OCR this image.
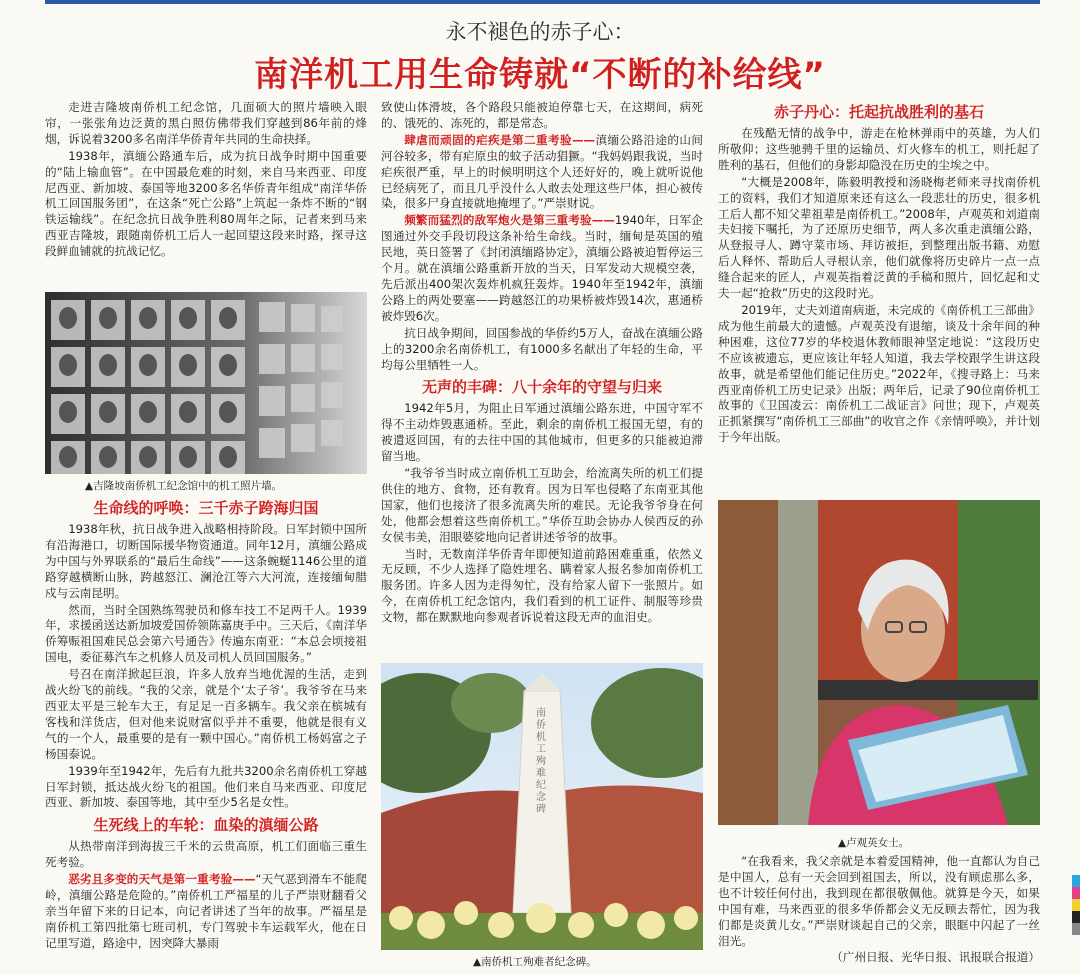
永不褪色的赤子心：
南洋机工用生命铸就“不断的补给线”

走进吉隆坡南侨机工纪念馆，几面硕大的照片墙映入眼帘，一张张角边泛黄的黑白照仿佛带我们穿越到86年前的烽烟，诉说着3200多名南洋华侨青年共同的生命抉择。

1938年，滇缅公路通车后，成为抗日战争时期中国重要的“陆上输血管”。在中国最危难的时刻，来自马来西亚、印度尼西亚、新加坡、泰国等地3200多名华侨青年组成“南洋华侨机工回国服务团”，在这条“死亡公路”上筑起一条炸不断的“钢铁运输线”。在纪念抗日战争胜利80周年之际，记者来到马来西亚吉隆坡，跟随南侨机工后人一起回望这段来时路，探寻这段鲜血铺就的抗战记忆。

▲吉隆坡南侨机工纪念馆中的机工照片墙。
生命线的呼唤：三千赤子跨海归国

1938年秋，抗日战争进入战略相持阶段。日军封锁中国所有沿海港口，切断国际援华物资通道。同年12月，滇缅公路成为中国与外界联系的“最后生命线”——这条蜿蜒1146公里的道路穿越横断山脉，跨越怒江、澜沧江等六大河流，连接缅甸腊戍与云南昆明。

然而，当时全国熟练驾驶员和修车技工不足两千人。1939年，求援函送达新加坡爱国侨领陈嘉庚手中。三天后，《南洋华侨筹赈祖国难民总会第六号通告》传遍东南亚：“本总会顷接祖国电，委征募汽车之机修人员及司机人员回国服务。”

号召在南洋掀起巨浪，许多人放弃当地优渥的生活，走到战火纷飞的前线。“我的父亲，就是个‘太子爷’。我爷爷在马来西亚太平是三轮车大王，有足足一百多辆车。我父亲在槟城有客栈和洋货店，但对他来说财富似乎并不重要，他就是很有义气的一个人，最重要的是有一颗中国心。”南侨机工杨妈富之子杨国泰说。

1939年至1942年，先后有九批共3200余名南侨机工穿越日军封锁，抵达战火纷飞的祖国。他们来自马来西亚、印度尼西亚、新加坡、泰国等地，其中至少5名是女性。

生死线上的车轮：血染的滇缅公路

从热带南洋到海拔三千米的云贵高原，机工们面临三重生死考验。

恶劣且多变的天气是第一重考验——“天气恶到滑车不能爬岭，滇缅公路是危险的。”南侨机工严福星的儿子严崇财翻看父亲当年留下来的日记本，向记者讲述了当年的故事。严福星是南侨机工第四批第七班司机，专门驾驶卡车运载军火，他在日记里写道，路途中，因突降大暴雨

致使山体滑坡，各个路段只能被迫停靠七天，在这期间，病死的、饿死的、冻死的，都是常态。

肆虐而顽固的疟疾是第二重考验——滇缅公路沿途的山间河谷较多，带有疟原虫的蚊子活动猖獗。“我妈妈跟我说，当时疟疾很严重，早上的时候明明这个人还好好的，晚上就听说他已经病死了，而且几乎没什么人敢去处理这些尸体，担心被传染，很多尸身直接就地掩埋了。”严崇财说。

频繁而猛烈的敌军炮火是第三重考验——1940年，日军企图通过外交手段切段这条补给生命线。当时，缅甸是英国的殖民地，英日签署了《封闭滇缅路协定》，滇缅公路被迫暂停运三个月。就在滇缅公路重新开放的当天，日军发动大规模空袭，先后派出400架次轰炸机疯狂轰炸。1940年至1942年，滇缅公路上的两处要塞——跨越怒江的功果桥被炸毁14次，惠通桥被炸毁6次。

抗日战争期间，回国参战的华侨约5万人，奋战在滇缅公路上的3200余名南侨机工，有1000多名献出了年轻的生命，平均每公里牺牲一人。

无声的丰碑：八十余年的守望与归来

1942年5月，为阻止日军通过滇缅公路东进，中国守军不得不主动炸毁惠通桥。至此，剩余的南侨机工报国无望，有的被遣返回国，有的去往中国的其他城市，但更多的只能被迫滞留当地。

“我爷爷当时成立南侨机工互助会，给流离失所的机工们提供住的地方、食物，还有教育。因为日军也侵略了东南亚其他国家，他们也接济了很多流离失所的难民。无论我爷爷身在何处，他都会想着这些南侨机工。”华侨互助会协办人侯西反的孙女侯韦美，泪眼婆娑地向记者讲述爷爷的故事。

当时，无数南洋华侨青年即便知道前路困难重重，依然义无反顾，不少人选择了隐姓埋名、瞒着家人报名参加南侨机工服务团。许多人因为走得匆忙，没有给家人留下一张照片。如今，在南侨机工纪念馆内，我们看到的机工证件、制服等珍贵文物，都在默默地向参观者诉说着这段无声的血泪史。

南侨机工殉难纪念碑
▲南侨机工殉难者纪念碑。
赤子丹心：托起抗战胜利的基石

在残酷无情的战争中，游走在枪林弹雨中的英雄，为人们所敬仰；这些驰骋千里的运输员、灯火修车的机工，则托起了胜利的基石，但他们的身影却隐没在历史的尘埃之中。

“大概是2008年，陈毅明教授和汤晓梅老师来寻找南侨机工的资料，我们才知道原来还有这么一段悲壮的历史，很多机工后人都不知父辈祖辈是南侨机工。”2008年，卢观英和刘道南夫妇接下嘱托，为了还原历史细节，两人多次重走滇缅公路，从登报寻人、蹲守菜市场、拜访被拒，到整理出版书籍、劝慰后人释怀、帮助后人寻根认亲，他们就像将历史碎片一点一点缝合起来的匠人，卢观英指着泛黄的手稿和照片，回忆起和丈夫一起“抢救”历史的这段时光。

2019年，丈夫刘道南病逝，未完成的《南侨机工三部曲》成为他生前最大的遗憾。卢观英没有退缩，谈及十余年间的种种困难，这位77岁的华校退休教师眼神坚定地说：“这段历史不应该被遗忘，更应该让年轻人知道，我去学校跟学生讲这段故事，就是希望他们能记住历史。”2022年，《搜寻路上：马来西亚南侨机工历史记录》出版；两年后，记录了90位南侨机工故事的《卫国凌云：南侨机工二战证言》问世；现下，卢观英正抓紧撰写“南侨机工三部曲”的收官之作《亲情呼唤》，并计划于今年出版。

▲卢观英女士。

“在我看来，我父亲就是本着爱国精神，他一直都认为自己是中国人，总有一天会回到祖国去，所以，没有顾虑那么多，也不计较任何付出，我到现在都很敬佩他。就算是今天，如果中国有难，马来西亚的很多华侨都会义无反顾去帮忙，因为我们都是炎黄儿女。”严崇财谈起自己的父亲，眼眶中闪起了一丝泪光。

（广州日报、光华日报、讯报联合报道）
